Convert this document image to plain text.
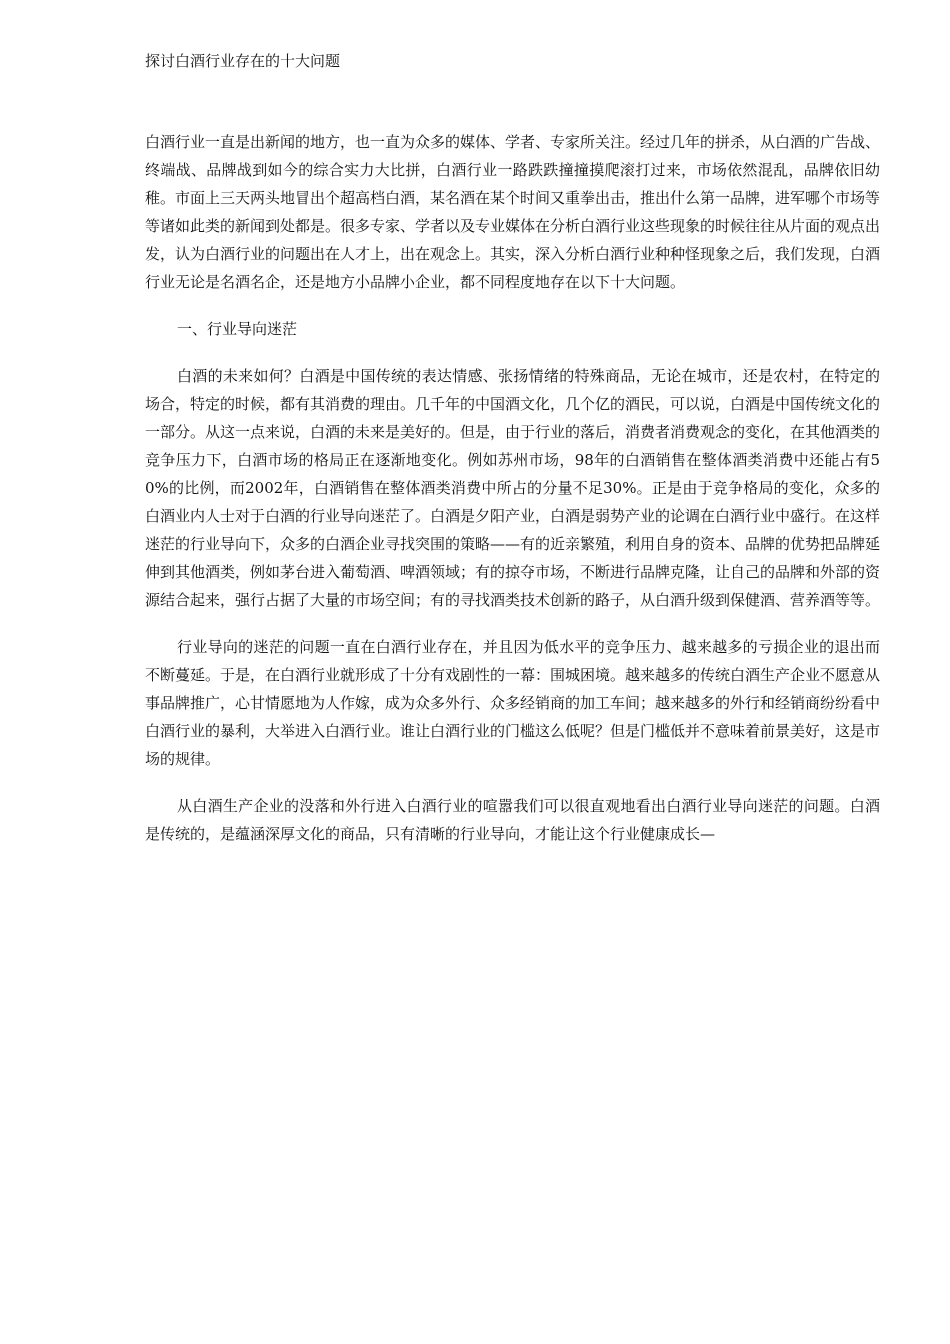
探讨白酒行业存在的十大问题

白酒行业一直是出新闻的地方，也一直为众多的媒体、学者、专家所关注。经过几年的拼杀，从白酒的广告战、终端战、品牌战到如今的综合实力大比拼，白酒行业一路跌跌撞撞摸爬滚打过来，市场依然混乱，品牌依旧幼稚。市面上三天两头地冒出个超高档白酒，某名酒在某个时间又重拳出击，推出什么第一品牌，进军哪个市场等等诸如此类的新闻到处都是。很多专家、学者以及专业媒体在分析白酒行业这些现象的时候往往从片面的观点出发，认为白酒行业的问题出在人才上，出在观念上。其实，深入分析白酒行业种种怪现象之后，我们发现，白酒行业无论是名酒名企，还是地方小品牌小企业，都不同程度地存在以下十大问题。

一、行业导向迷茫

白酒的未来如何？白酒是中国传统的表达情感、张扬情绪的特殊商品，无论在城市，还是农村，在特定的场合，特定的时候，都有其消费的理由。几千年的中国酒文化，几个亿的酒民，可以说，白酒是中国传统文化的一部分。从这一点来说，白酒的未来是美好的。但是，由于行业的落后，消费者消费观念的变化，在其他酒类的竞争压力下，白酒市场的格局正在逐渐地变化。例如苏州市场，98年的白酒销售在整体酒类消费中还能占有50%的比例，而2002年，白酒销售在整体酒类消费中所占的分量不足30%。正是由于竞争格局的变化，众多的白酒业内人士对于白酒的行业导向迷茫了。白酒是夕阳产业，白酒是弱势产业的论调在白酒行业中盛行。在这样迷茫的行业导向下，众多的白酒企业寻找突围的策略——有的近亲繁殖，利用自身的资本、品牌的优势把品牌延伸到其他酒类，例如茅台进入葡萄酒、啤酒领域；有的掠夺市场，不断进行品牌克隆，让自己的品牌和外部的资源结合起来，强行占据了大量的市场空间；有的寻找酒类技术创新的路子，从白酒升级到保健酒、营养酒等等。

行业导向的迷茫的问题一直在白酒行业存在，并且因为低水平的竞争压力、越来越多的亏损企业的退出而不断蔓延。于是，在白酒行业就形成了十分有戏剧性的一幕：围城困境。越来越多的传统白酒生产企业不愿意从事品牌推广，心甘情愿地为人作嫁，成为众多外行、众多经销商的加工车间；越来越多的外行和经销商纷纷看中白酒行业的暴利，大举进入白酒行业。谁让白酒行业的门槛这么低呢？但是门槛低并不意味着前景美好，这是市场的规律。

从白酒生产企业的没落和外行进入白酒行业的喧嚣我们可以很直观地看出白酒行业导向迷茫的问题。白酒是传统的，是蕴涵深厚文化的商品，只有清晰的行业导向，才能让这个行业健康成长—
